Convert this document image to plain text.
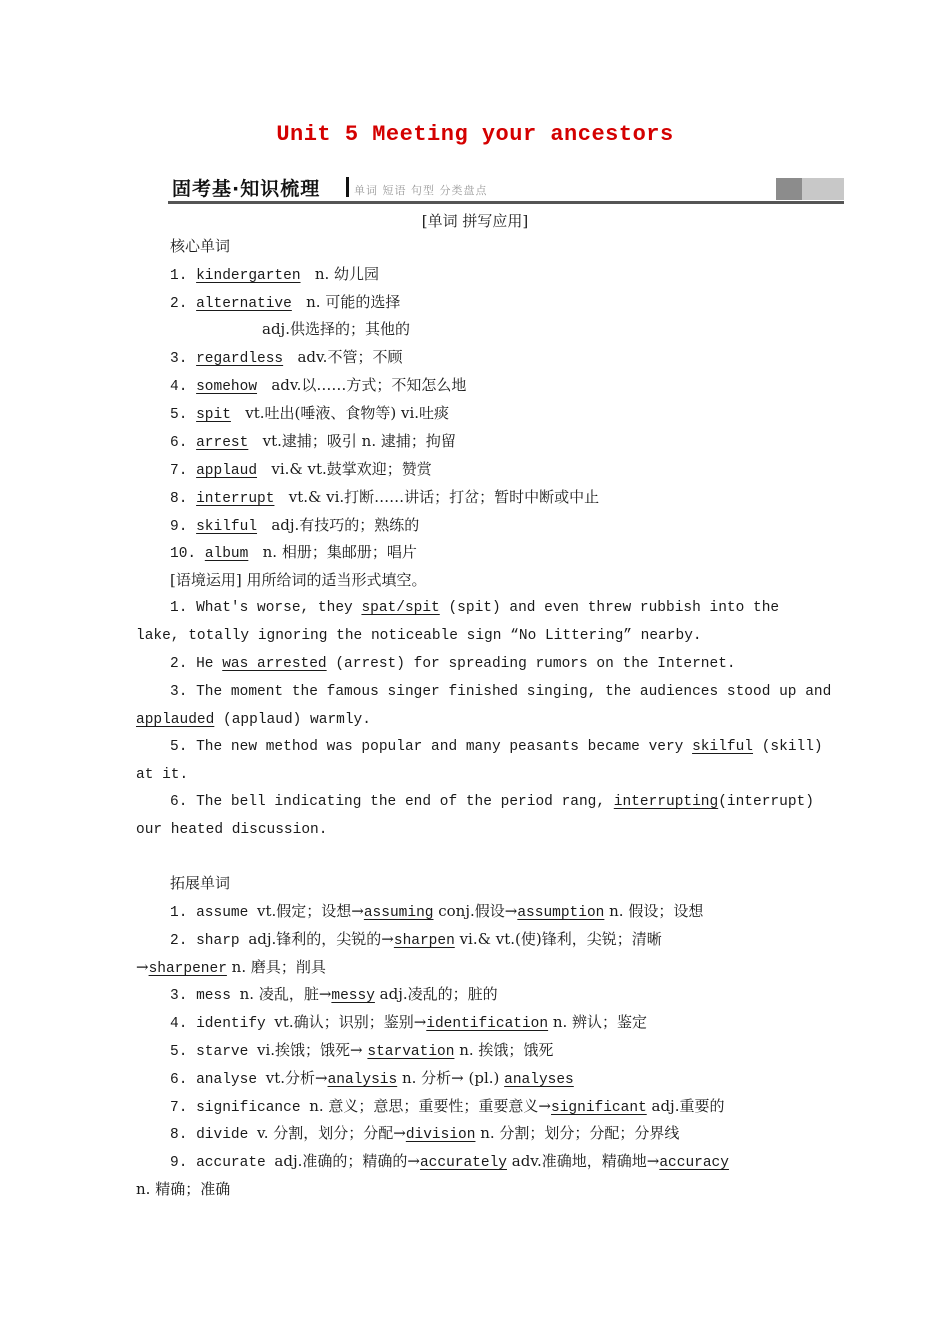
Unit 5 Meeting your ancestors
固考基·知识梳理	单词 短语 句型 分类盘点
[单词 拼写应用]
核心单词
1. kindergarten n. 幼儿园
2. alternative n. 可能的选择
adj.供选择的；其他的
3. regardless adv.不管；不顾
4. somehow adv.以……方式；不知怎么地
5. spit vt.吐出(唾液、食物等) vi.吐痰
6. arrest vt.逮捕；吸引 n. 逮捕；拘留
7. applaud vi.& vt.鼓掌欢迎；赞赏
8. interrupt vt.& vi.打断……讲话；打岔；暂时中断或中止
9. skilful adj.有技巧的；熟练的
10. album n. 相册；集邮册；唱片
[语境运用] 用所给词的适当形式填空。
1. What's worse, they spat/spit (spit) and even threw rubbish into the
lake, totally ignoring the noticeable sign “No Littering” nearby.
2. He was arrested (arrest) for spreading rumors on the Internet.
3. The moment the famous singer finished singing, the audiences stood up and
applauded (applaud) warmly.
5. The new method was popular and many peasants became very skilful (skill)
at it.
6. The bell indicating the end of the period rang, interrupting(interrupt)
our heated discussion.
拓展单词
1. assume vt.假定；设想→assuming conj.假设→assumption n. 假设；设想
2. sharp adj.锋利的，尖锐的→sharpen vi.& vt.(使)锋利，尖锐；清晰
→sharpener n. 磨具；削具
3. mess n. 凌乱，脏→messy adj.凌乱的；脏的
4. identify vt.确认；识别；鉴别→identification n. 辨认；鉴定
5. starve vi.挨饿；饿死→ starvation n. 挨饿；饿死
6. analyse vt.分析→analysis n. 分析→ (pl.) analyses
7. significance n. 意义；意思；重要性；重要意义→significant adj.重要的
8. divide v. 分割，划分；分配→division n. 分割；划分；分配；分界线
9. accurate adj.准确的；精确的→accurately adv.准确地，精确地→accuracy
n. 精确；准确
